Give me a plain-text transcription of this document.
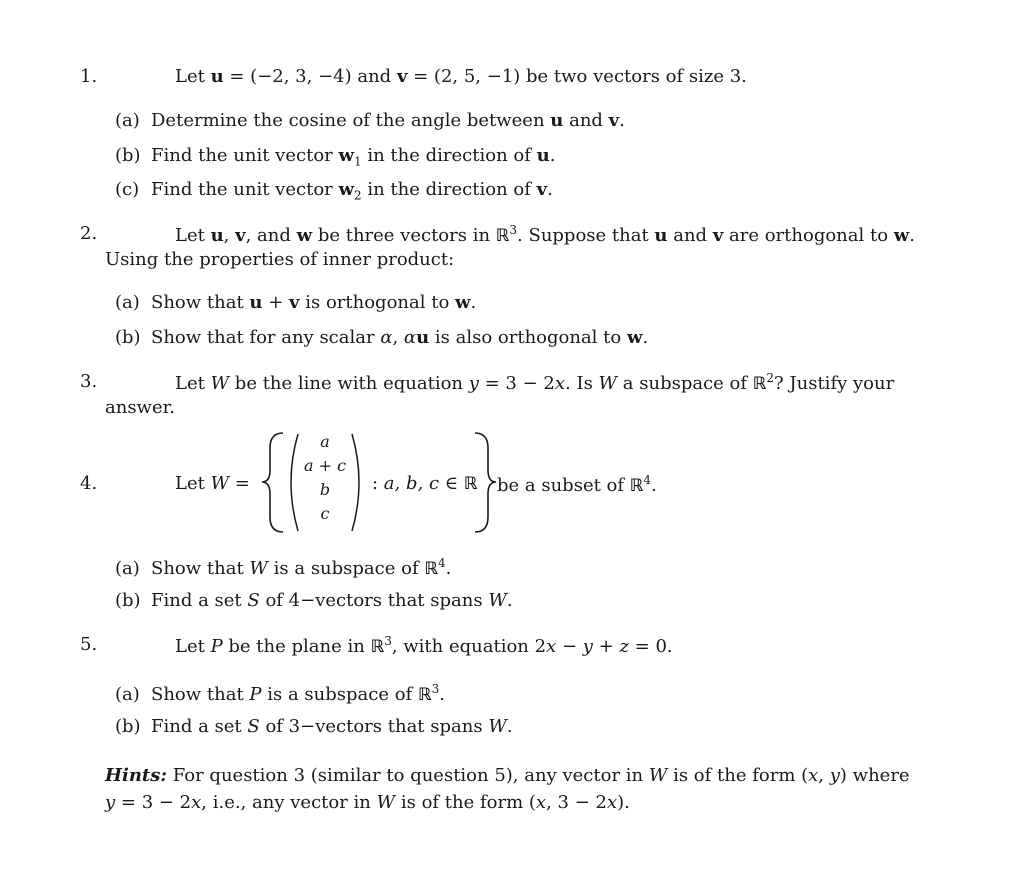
1.	Let u = (−2, 3, −4) and v = (2, 5, −1) be two vectors of size 3.
(a) Determine the cosine of the angle between u and v.
(b) Find the unit vector $w_1$ in the direction of u.
(c) Find the unit vector $w_2$ in the direction of v.
2.	Let u, v, and w be three vectors in ℝ$^3$. Suppose that u and v are orthogonal to w.
Using the properties of inner product:
(a) Show that u + v is orthogonal to w.
(b) Show that for any scalar α, αu is also orthogonal to w.
3.	Let W be the line with equation y = 3 − 2x. Is W a subspace of ℝ$^2$? Justify your
answer.
4.	Let W =
a
a + c
b
c
: a, b, c ∈ ℝ be a subset of ℝ$^4$.
(a) Show that W is a subspace of ℝ$^4$.
(b) Find a set S of 4−vectors that spans W.
5.	Let P be the plane in ℝ$^3$, with equation 2x − y + z = 0.
(a) Show that P is a subspace of ℝ$^3$.
(b) Find a set S of 3−vectors that spans W.
Hints: For question 3 (similar to question 5), any vector in W is of the form (x, y) where
y = 3 − 2x, i.e., any vector in W is of the form (x, 3 − 2x).
